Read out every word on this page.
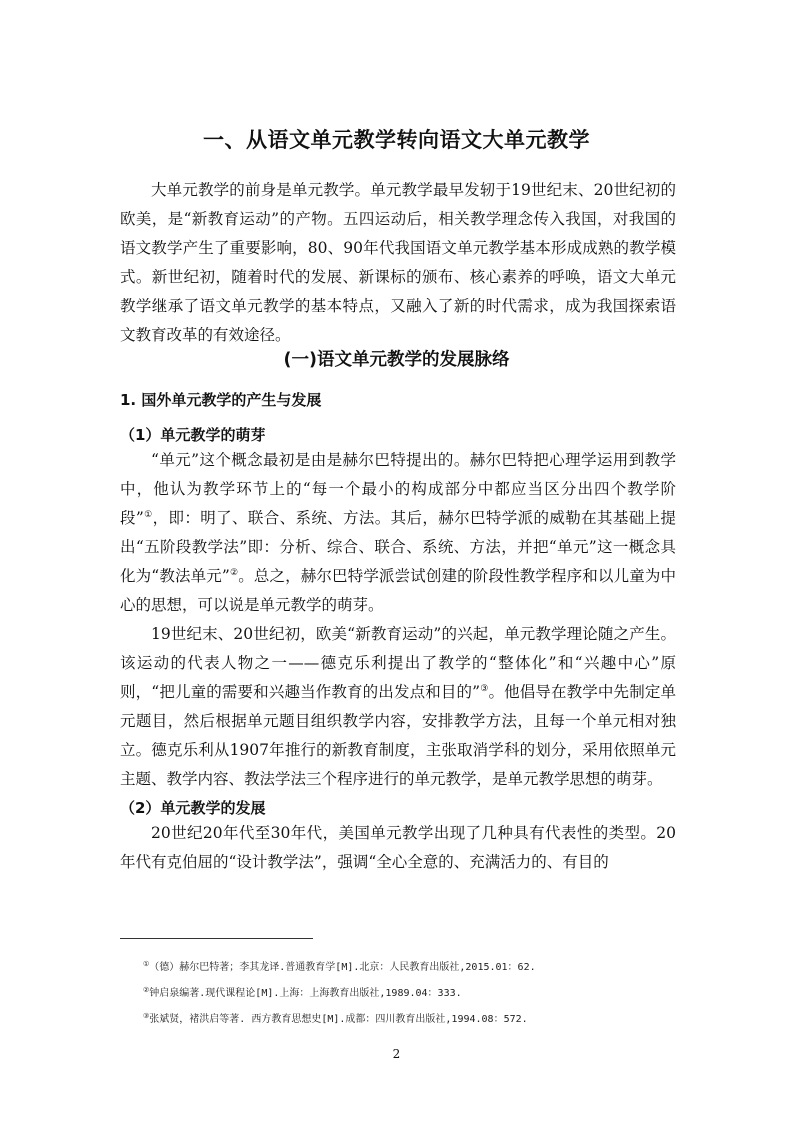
一、从语文单元教学转向语文大单元教学

大单元教学的前身是单元教学。单元教学最早发轫于19世纪末、20世纪初的欧美，是“新教育运动”的产物。五四运动后，相关教学理念传入我国，对我国的语文教学产生了重要影响，80、90年代我国语文单元教学基本形成成熟的教学模式。新世纪初，随着时代的发展、新课标的颁布、核心素养的呼唤，语文大单元教学继承了语文单元教学的基本特点，又融入了新的时代需求，成为我国探索语文教育改革的有效途径。

(一)语文单元教学的发展脉络
1. 国外单元教学的产生与发展
（1）单元教学的萌芽

“单元”这个概念最初是由是赫尔巴特提出的。赫尔巴特把心理学运用到教学中，他认为教学环节上的“每一个最小的构成部分中都应当区分出四个教学阶段”①，即：明了、联合、系统、方法。其后，赫尔巴特学派的威勒在其基础上提出“五阶段教学法”即：分析、综合、联合、系统、方法，并把“单元”这一概念具化为“教法单元”②。总之，赫尔巴特学派尝试创建的阶段性教学程序和以儿童为中心的思想，可以说是单元教学的萌芽。

19世纪末、20世纪初，欧美“新教育运动”的兴起，单元教学理论随之产生。该运动的代表人物之一——德克乐利提出了教学的“整体化”和“兴趣中心”原则，“把儿童的需要和兴趣当作教育的出发点和目的”③。他倡导在教学中先制定单元题目，然后根据单元题目组织教学内容，安排教学方法，且每一个单元相对独立。德克乐利从1907年推行的新教育制度，主张取消学科的划分，采用依照单元主题、教学内容、教法学法三个程序进行的单元教学，是单元教学思想的萌芽。

（2）单元教学的发展

20世纪20年代至30年代，美国单元教学出现了几种具有代表性的类型。20年代有克伯屈的“设计教学法”，强调“全心全意的、充满活力的、有目的

①（德）赫尔巴特著；李其龙译.普通教育学[M].北京：人民教育出版社,2015.01：62.
②钟启泉编著.现代课程论[M].上海：上海教育出版社,1989.04：333.
③张斌贤，褚洪启等著. 西方教育思想史[M].成都：四川教育出版社,1994.08：572.
2
